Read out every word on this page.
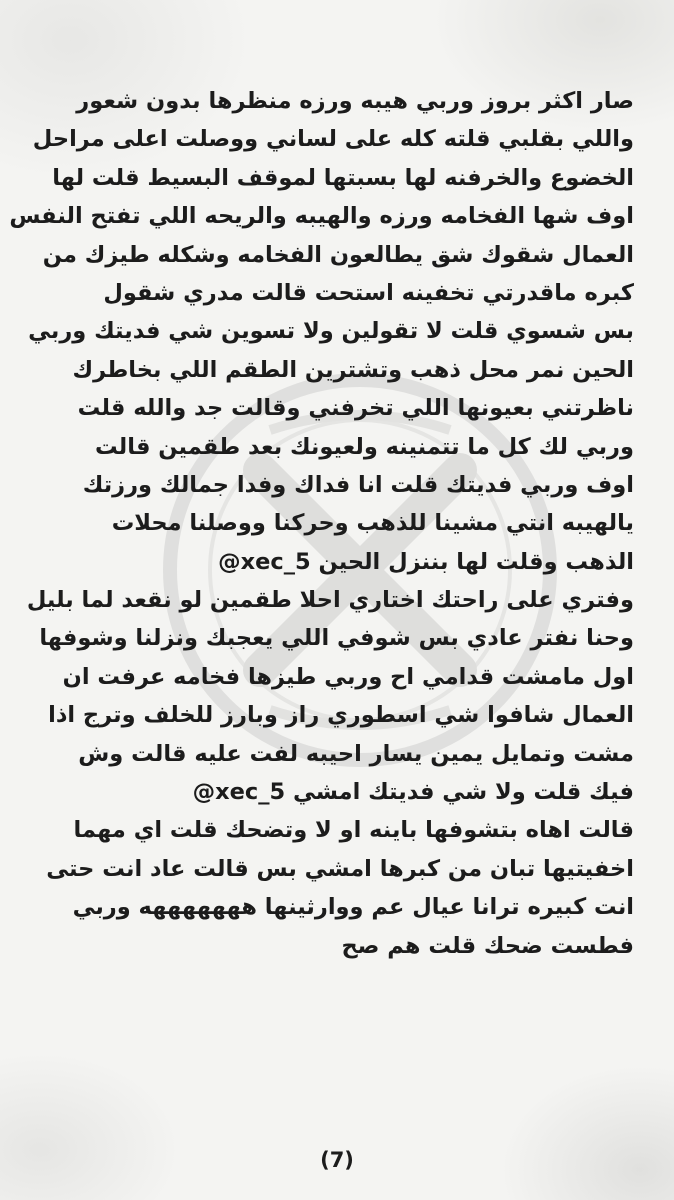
صار اكثر بروز وربي هيبه ورزه منظرها بدون شعور
واللي بقلبي قلته كله على لساني ووصلت اعلى مراحل
الخضوع والخرفنه لها بسبتها لموقف البسيط قلت لها
اوف شها الفخامه ورزه والهيبه والريحه اللي تفتح النفس
العمال شقوك شق يطالعون الفخامه وشكله طيزك من
كبره ماقدرتي تخفينه استحت قالت مدري شقول
بس شسوي قلت لا تقولين ولا تسوين شي فديتك وربي
الحين نمر محل ذهب وتشترين الطقم اللي بخاطرك
ناظرتني بعيونها اللي تخرفني وقالت جد والله قلت
وربي لك كل ما تتمنينه ولعيونك بعد طقمين قالت
اوف وربي فديتك قلت انا فداك وفدا جمالك ورزتك
يالهيبه انتي مشينا للذهب وحركنا ووصلنا محلات
الذهب وقلت لها بننزل الحين xec_5@
وفتري على راحتك اختاري احلا طقمين لو نقعد لما بليل
وحنا نفتر عادي بس شوفي اللي يعجبك ونزلنا وشوفها
اول مامشت قدامي اح وربي طيزها فخامه عرفت ان
العمال شافوا شي اسطوري راز وبارز للخلف وترج اذا
مشت وتمايل يمين يسار احيبه لفت عليه قالت وش
فيك قلت ولا شي فديتك امشي xec_5@
قالت اهاه بتشوفها باينه او لا وتضحك قلت اي مهما
اخفيتيها تبان من كبرها امشي بس قالت عاد انت حتى
انت كبيره ترانا عيال عم ووارثينها هههههههه وربي
فطست ضحك قلت هم صح
(7)
